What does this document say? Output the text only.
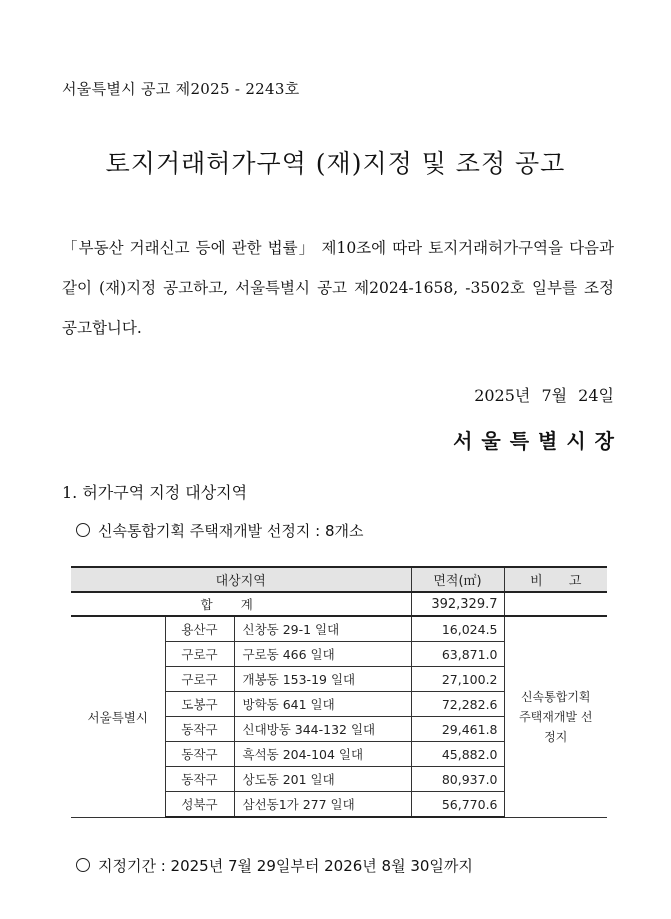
서울특별시 공고 제2025 - 2243호
토지거래허가구역 (재)지정 및 조정 공고
「부동산 거래신고 등에 관한 법률」 제10조에 따라 토지거래허가구역을 다음과 같이 (재)지정 공고하고, 서울특별시 공고 제2024-1658, -3502호 일부를 조정 공고합니다.
2025년 7월 24일
서울특별시장
1. 허가구역 지정 대상지역
신속통합기획 주택재개발 선정지 : 8개소
대상지역			면적(㎡)	비 고
합계			392,329.7	
서울특별시	용산구	신창동 29-1 일대	16,024.5	신속통합기획 주택재개발 선정지
	구로구	구로동 466 일대	63,871.0	
	구로구	개봉동 153-19 일대	27,100.2	
	도봉구	방학동 641 일대	72,282.6	
	동작구	신대방동 344-132 일대	29,461.8	
	동작구	흑석동 204-104 일대	45,882.0	
	동작구	상도동 201 일대	80,937.0	
	성북구	삼선동1가 277 일대	56,770.6	
지정기간 : 2025년 7월 29일부터 2026년 8월 30일까지
